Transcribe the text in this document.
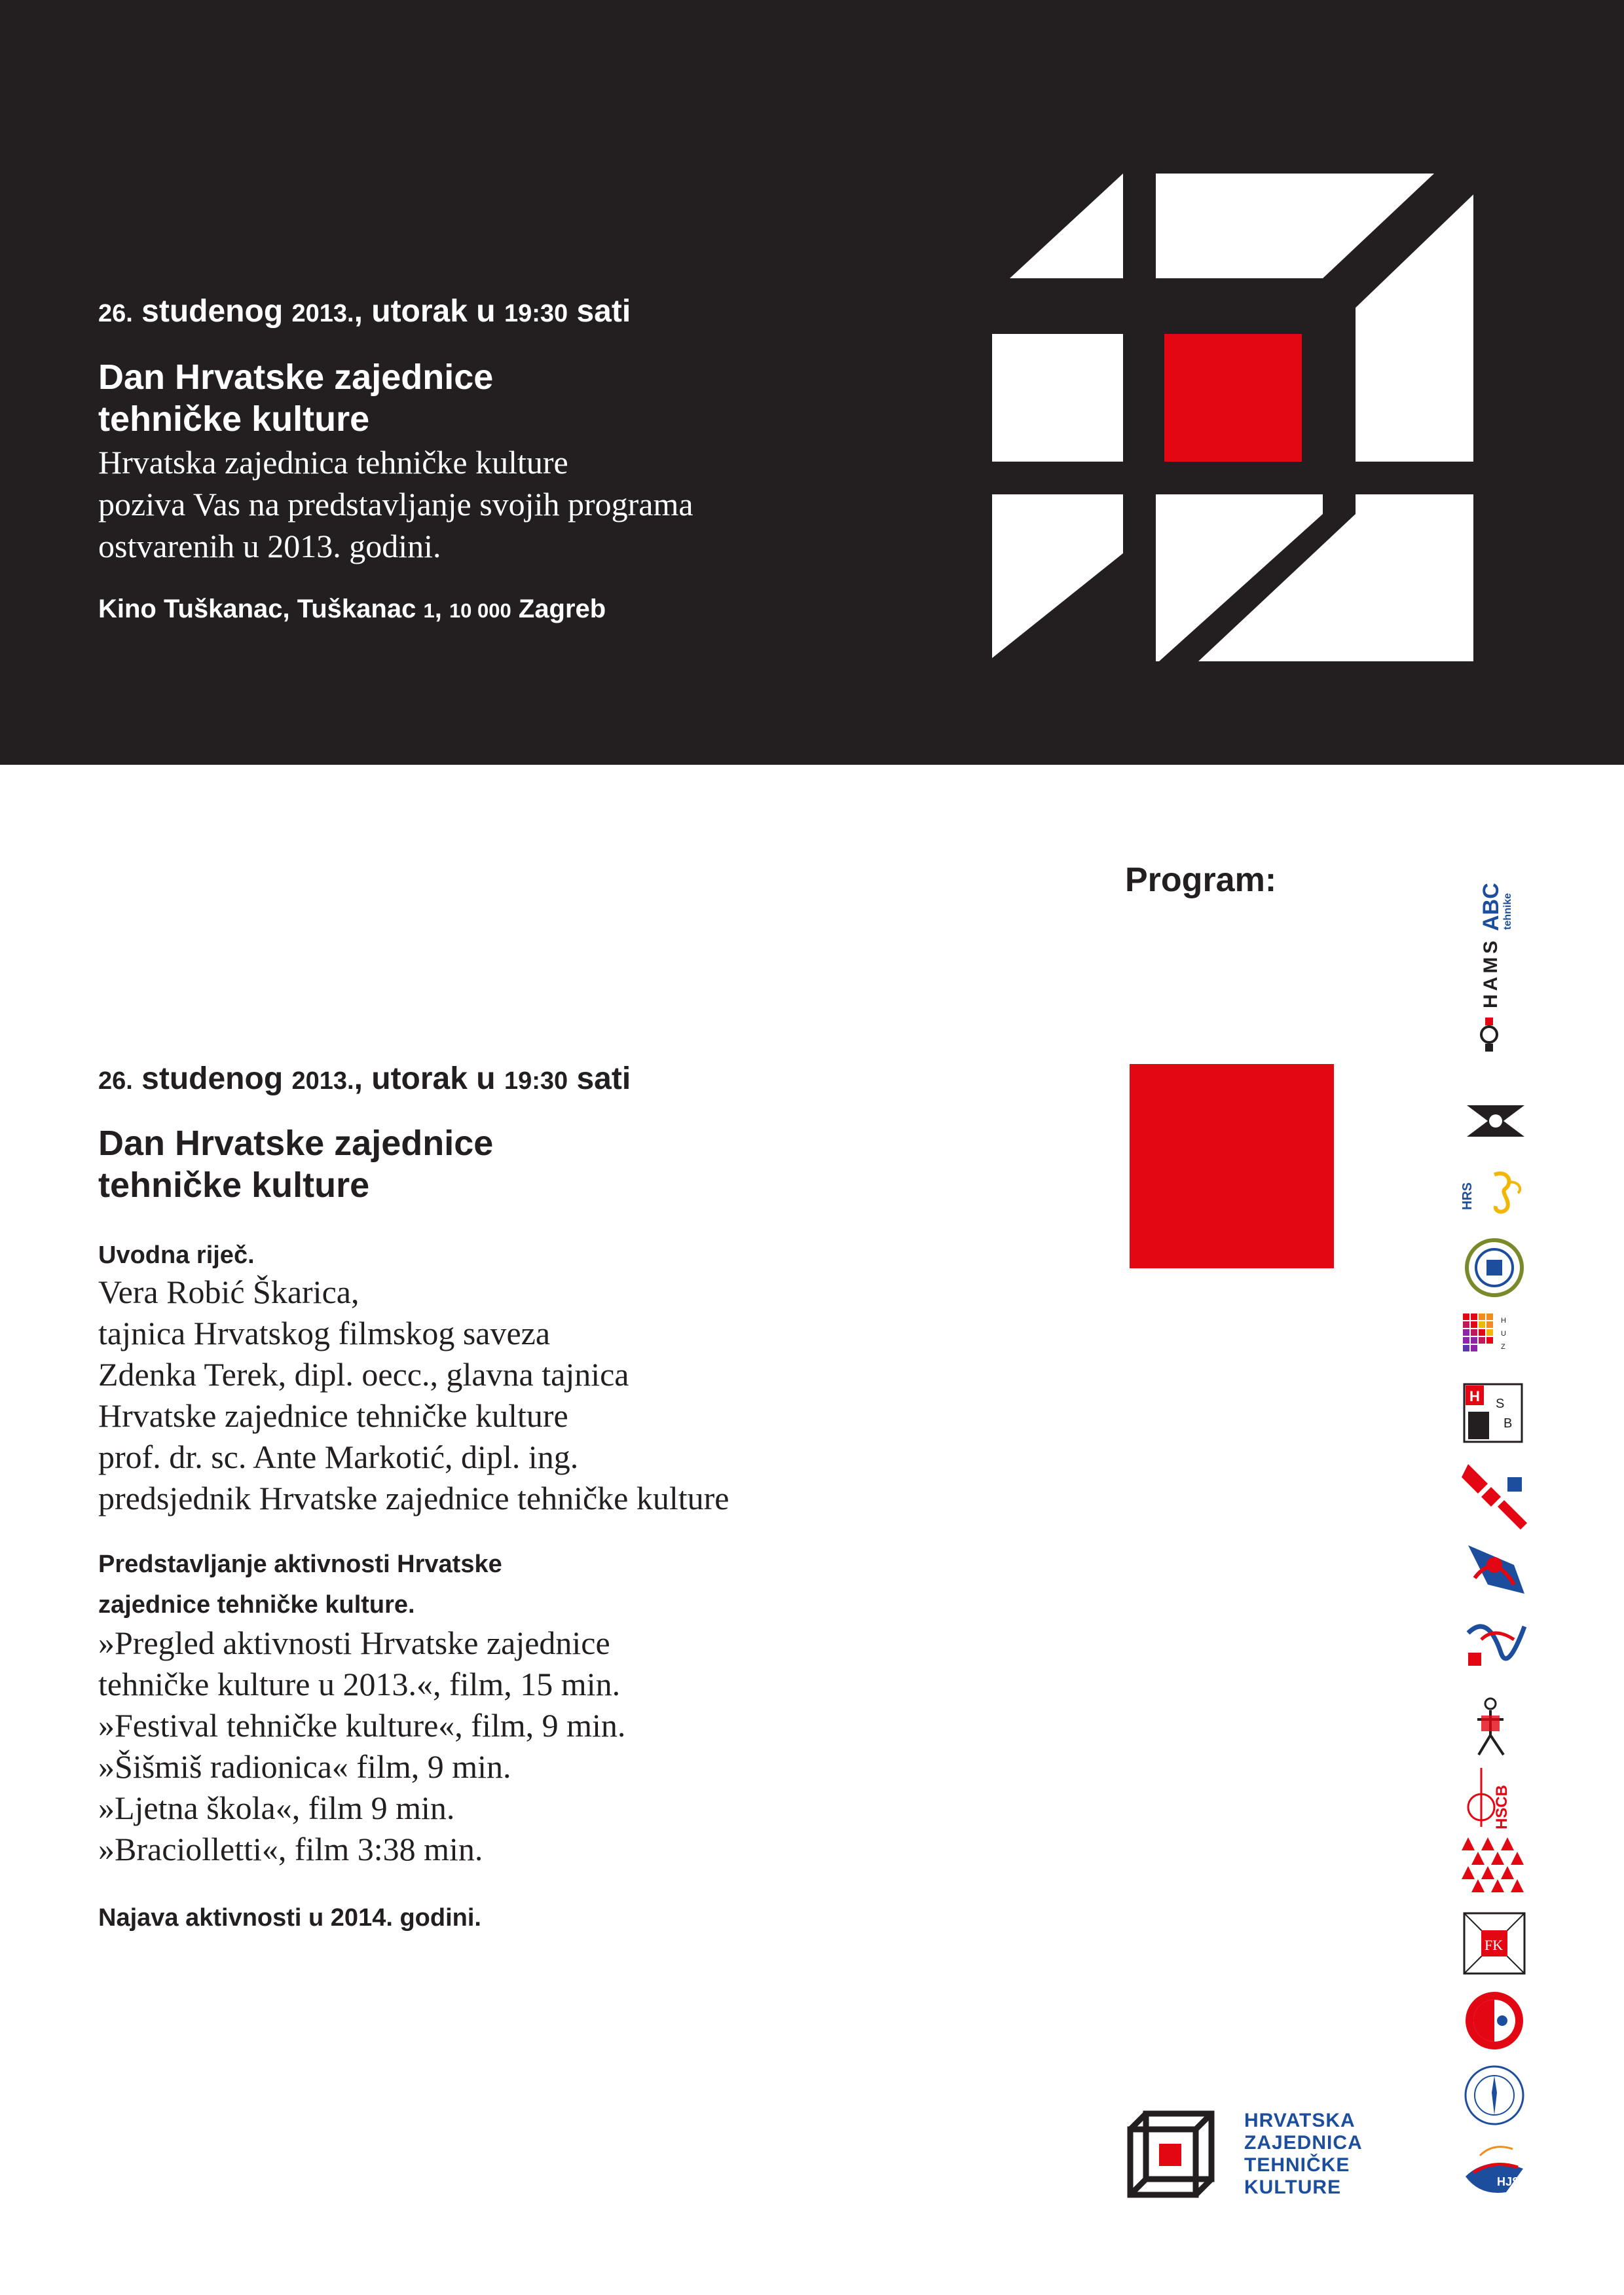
26. studenog 2013., utorak u 19:30 sati
Dan Hrvatske zajednice
tehničke kulture
Hrvatska zajednica tehničke kulture
poziva Vas na predstavljanje svojih programa
ostvarenih u 2013. godini.
Kino Tuškanac, Tuškanac 1, 10 000 Zagreb
Program:
26. studenog 2013., utorak u 19:30 sati
Dan Hrvatske zajednice
tehničke kulture
Uvodna riječ.
Vera Robić Škarica,
tajnica Hrvatskog filmskog saveza
Zdenka Terek, dipl. oecc., glavna tajnica
Hrvatske zajednice tehničke kulture
prof. dr. sc. Ante Markotić, dipl. ing.
predsjednik Hrvatske zajednice tehničke kulture
Predstavljanje aktivnosti Hrvatske
zajednice tehničke kulture.
»Pregled aktivnosti Hrvatske zajednice
tehničke kulture u 2013.«, film, 15 min.
»Festival tehničke kulture«, film, 9 min.
»Šišmiš radionica« film, 9 min.
»Ljetna škola«, film 9 min.
»Braciolletti«, film 3:38 min.
Najava aktivnosti u 2014. godini.
HRVATSKA
ZAJEDNICA
TEHNIČKE
KULTURE
ABC
tehnike
HAMS
HRS
H
U
Z
H S
B
HSCB
FK
HJS
